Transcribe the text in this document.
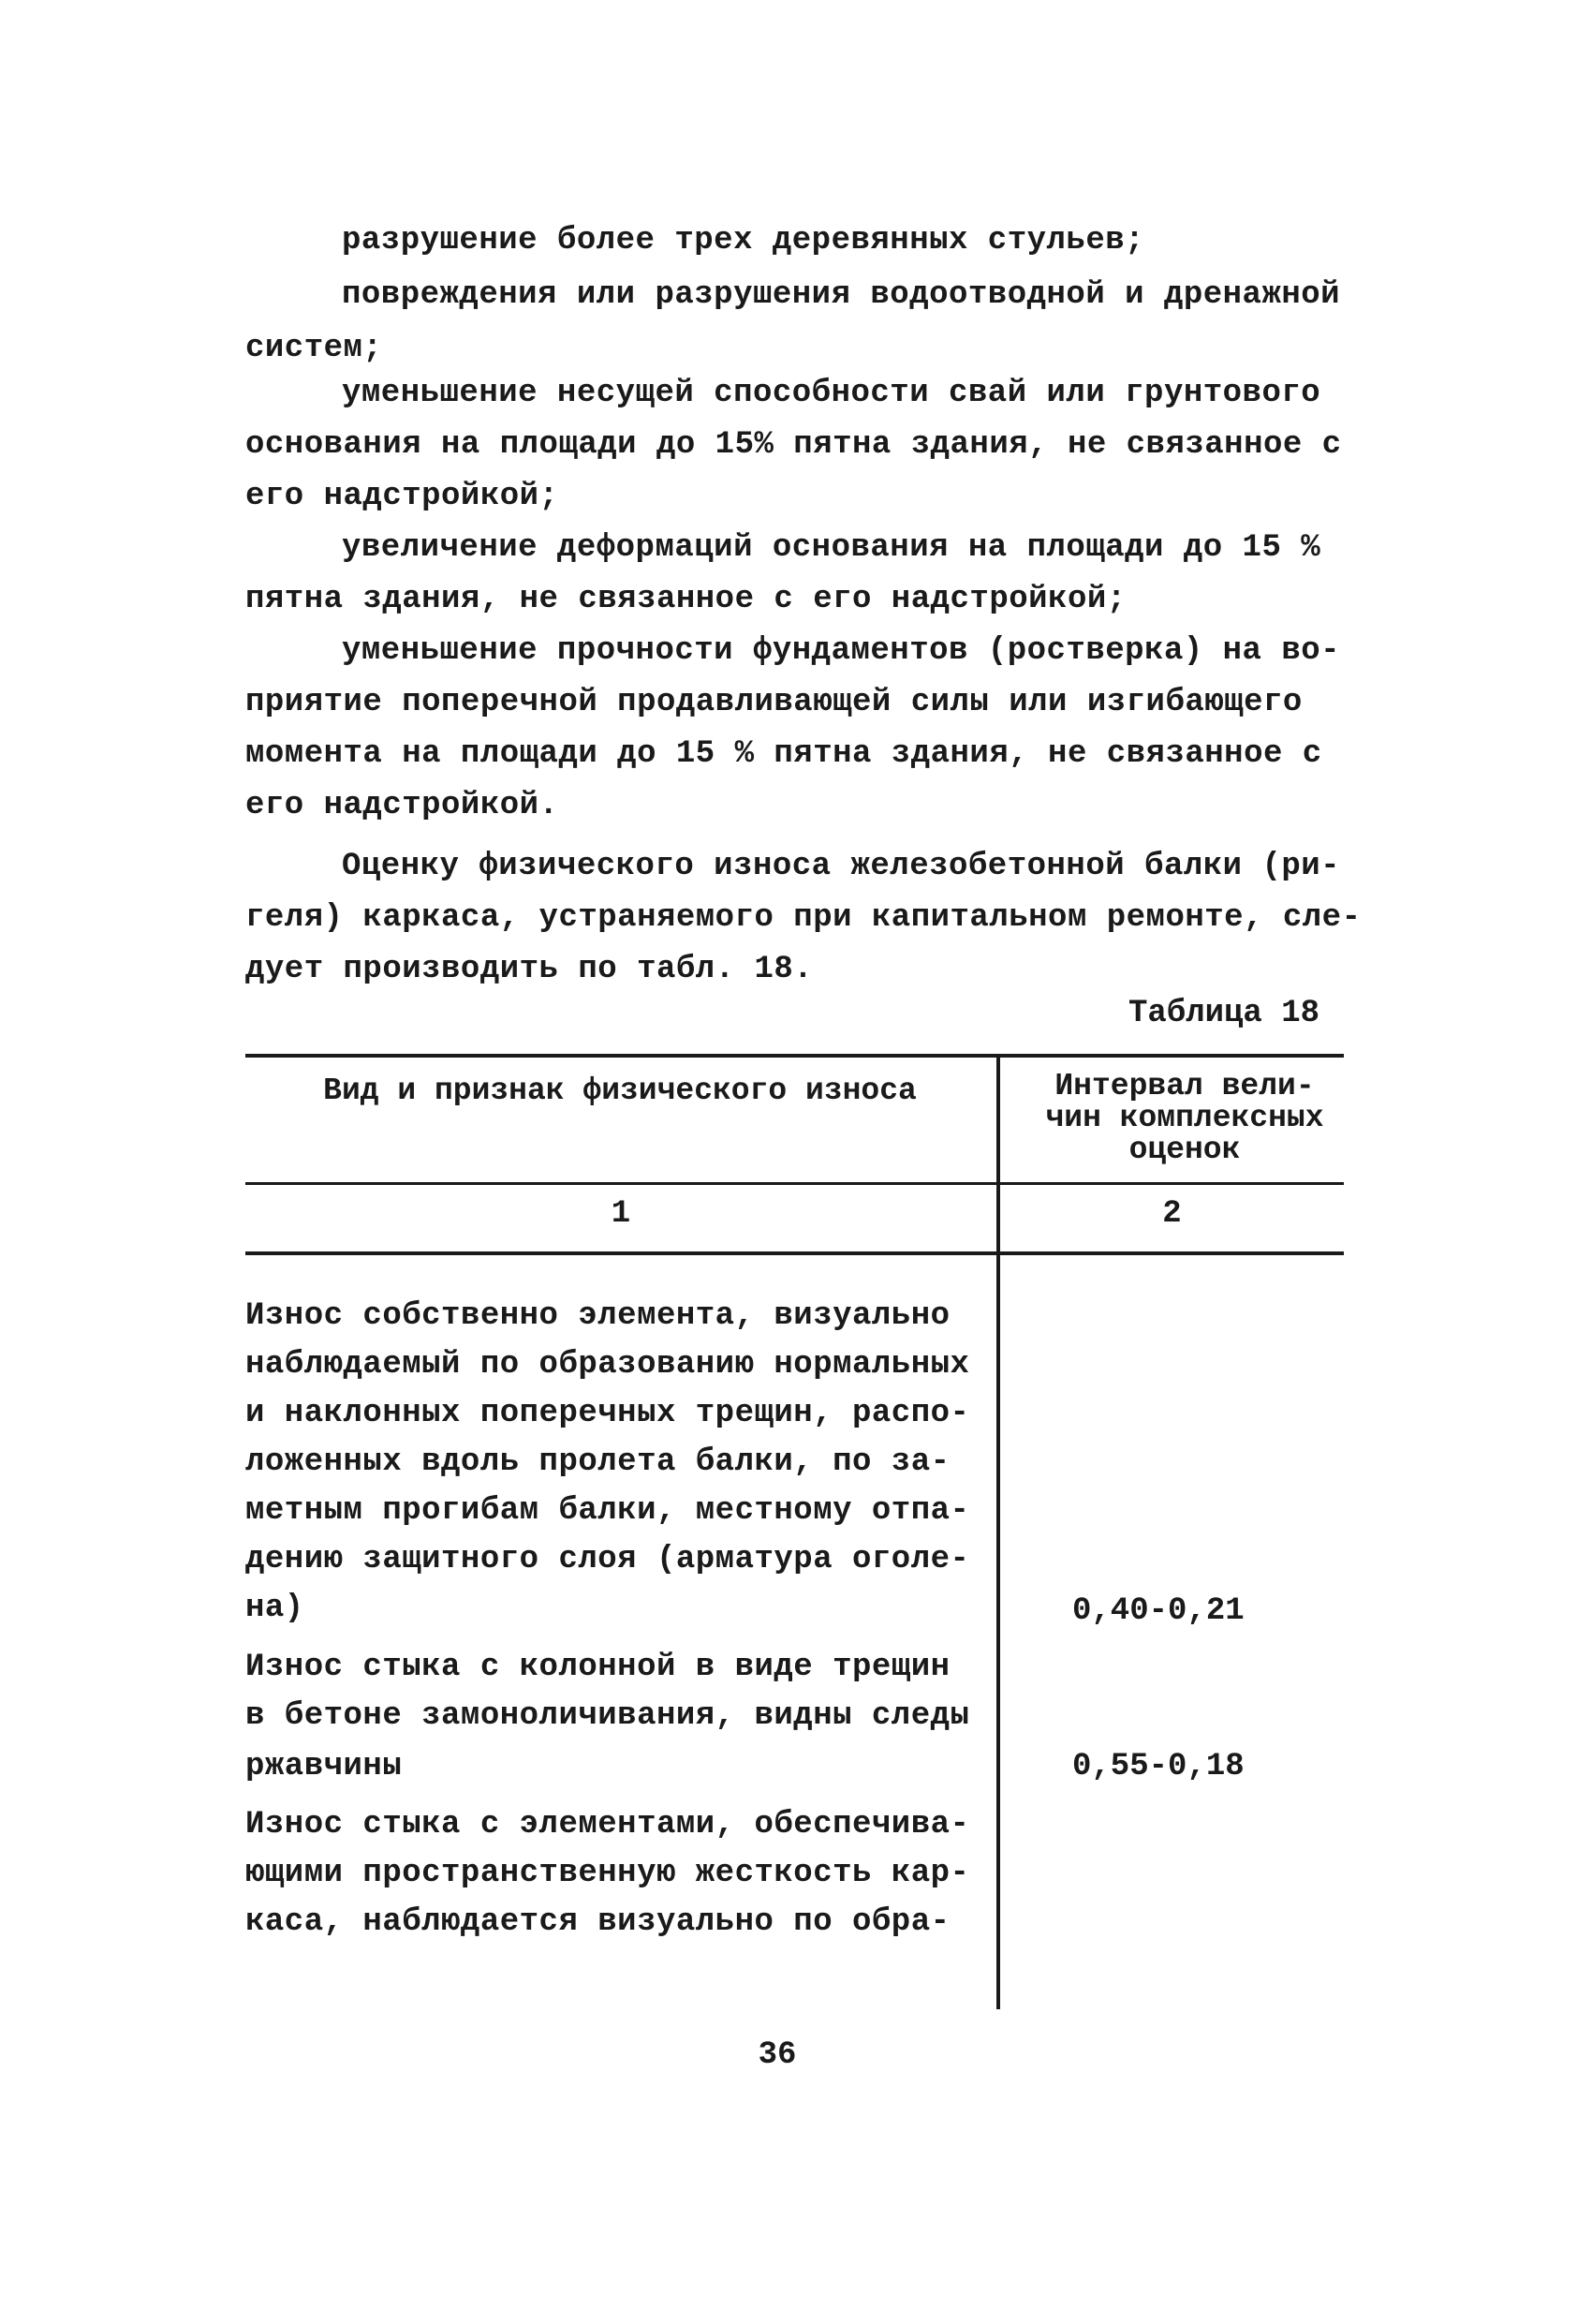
разрушение более трех деревянных стульев;
повреждения или разрушения водоотводной и дренажной
систем;
уменьшение несущей способности свай или грунтового
основания на площади до 15% пятна здания, не связанное с
его надстройкой;
увеличение деформаций основания на площади до 15 %
пятна здания, не связанное с его надстройкой;
уменьшение прочности фундаментов (ростверка) на во-
приятие поперечной продавливающей силы или изгибающего
момента на площади до 15 % пятна здания, не связанное с
его надстройкой.
Оценку физического износа железобетонной балки (ри-
геля) каркаса, устраняемого при капитальном ремонте, сле-
дует производить по табл. 18.
Таблица 18
Вид и признак физического износа	Интервал вели-
чин комплексных
оценок
1	2
Износ собственно элемента, визуально
наблюдаемый по образованию нормальных
и наклонных поперечных трещин, распо-
ложенных вдоль пролета балки, по за-
метным прогибам балки, местному отпа-
дению защитного слоя (арматура оголе-
на)	0,40-0,21
Износ стыка с колонной в виде трещин
в бетоне замоноличивания, видны следы
ржавчины	0,55-0,18
Износ стыка с элементами, обеспечива-
ющими пространственную жесткость кар-
каса, наблюдается визуально по обра-
36
